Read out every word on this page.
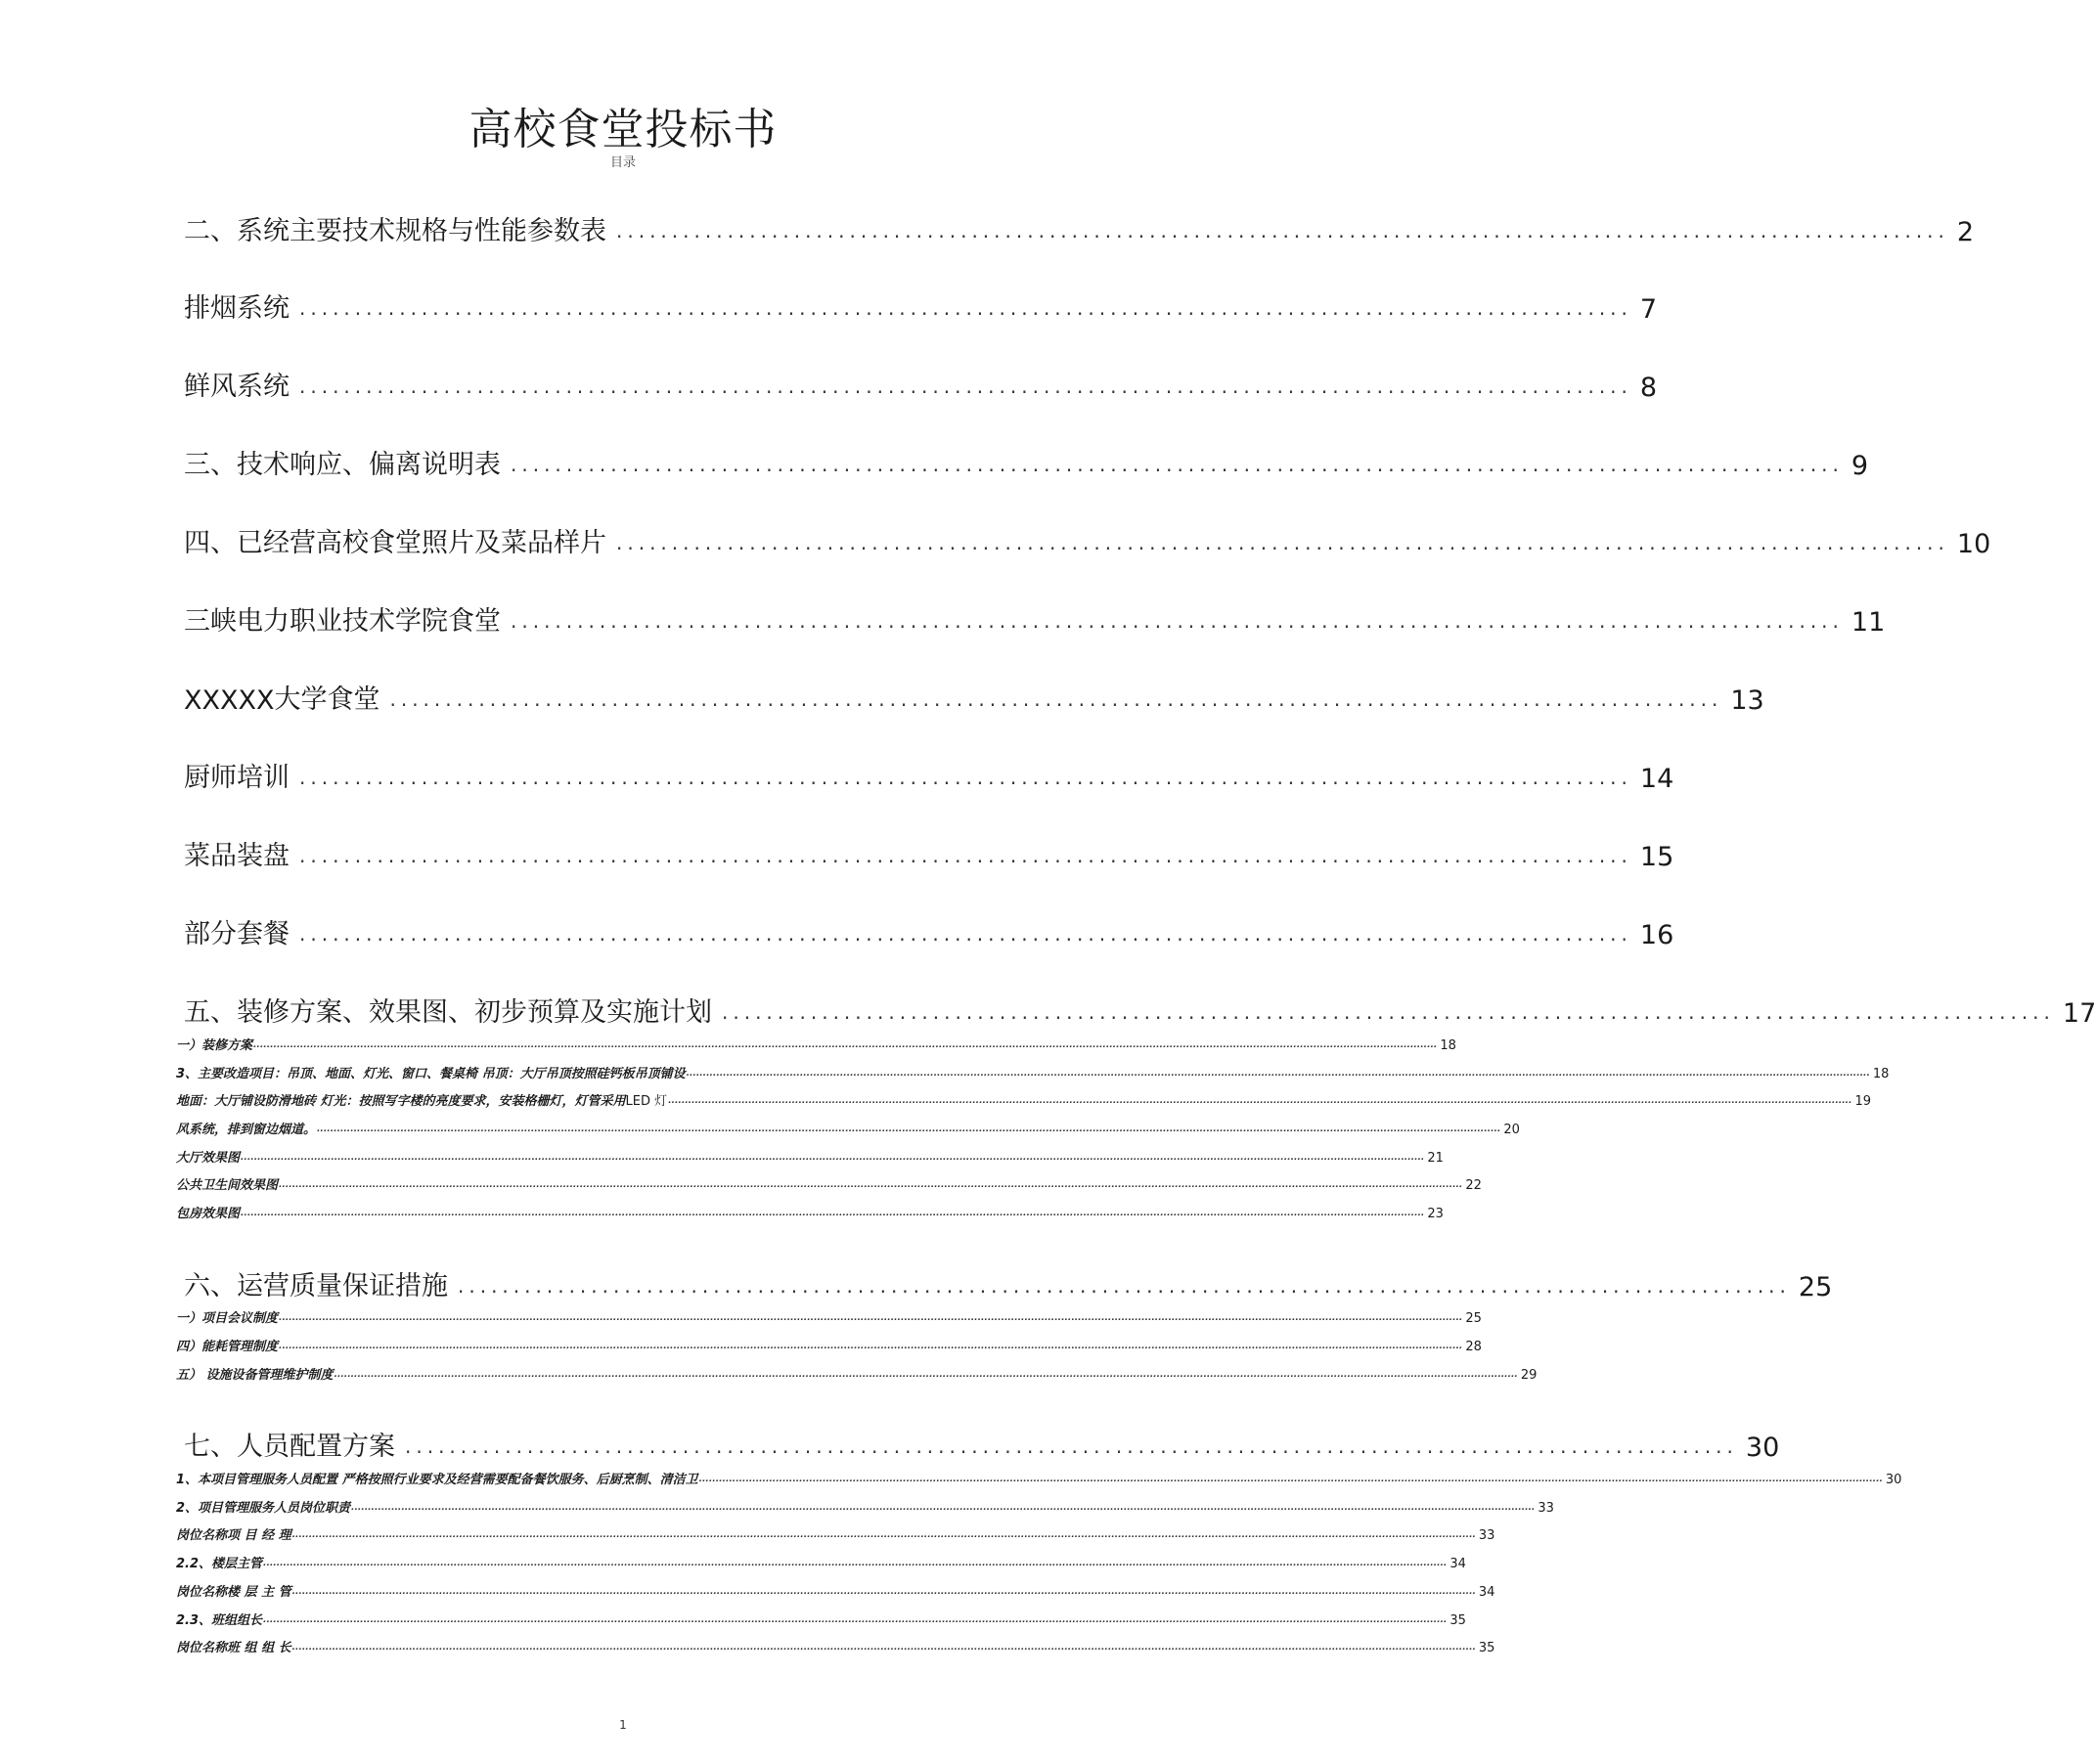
高校食堂投标书
目录
二、系统主要技术规格与性能参数表 ........................................................................................................................ 2
排烟系统 ........................................................................................................................ 7
鲜风系统 ........................................................................................................................ 8
三、技术响应、偏离说明表 ........................................................................................................................ 9
四、已经营高校食堂照片及菜品样片 ........................................................................................................................ 10
三峡电力职业技术学院食堂 ........................................................................................................................ 11
XXXXX 大学食堂 ........................................................................................................................ 13
厨师培训 ........................................................................................................................ 14
菜品装盘 ........................................................................................................................ 15
部分套餐 ........................................................................................................................ 16
五、装修方案、效果图、初步预算及实施计划 ........................................................................................................................ 17
一）装修方案 .................................................................................................................................................................................................................................................................................................................................................................. 18
3、主要改造项目：吊顶、地面、灯光、窗口、餐桌椅 吊顶：大厅吊顶按照硅钙板吊顶铺设 .................................................................................................................................................................................................................................................................................................................................................................. 18
地面：大厅铺设防滑地砖 灯光：按照写字楼的亮度要求，安装格栅灯，灯管采用 LED 灯 .................................................................................................................................................................................................................................................................................................................................................................. 19
风系统，排到窗边烟道。 .................................................................................................................................................................................................................................................................................................................................................................. 20
大厅效果图 .................................................................................................................................................................................................................................................................................................................................................................. 21
公共卫生间效果图 .................................................................................................................................................................................................................................................................................................................................................................. 22
包房效果图 .................................................................................................................................................................................................................................................................................................................................................................. 23
六、运营质量保证措施 ........................................................................................................................ 25
一） 项目会议制度 .................................................................................................................................................................................................................................................................................................................................................................. 25
四） 能耗管理制度 .................................................................................................................................................................................................................................................................................................................................................................. 28
五） 设施设备管理维护制度 .................................................................................................................................................................................................................................................................................................................................................................. 29
七、人员配置方案 ........................................................................................................................ 30
1、本项目管理服务人员配置 严格按照行业要求及经营需要配备餐饮服务、 后厨烹制、清洁卫 .................................................................................................................................................................................................................................................................................................................................................................. 30
2、项目管理服务人员岗位职责 .................................................................................................................................................................................................................................................................................................................................................................. 33
岗位名称 项 目 经 理 .................................................................................................................................................................................................................................................................................................................................................................. 33
2.2、楼层主管 .................................................................................................................................................................................................................................................................................................................................................................. 34
岗位名称 楼 层 主 管 .................................................................................................................................................................................................................................................................................................................................................................. 34
2.3、班组组长 .................................................................................................................................................................................................................................................................................................................................................................. 35
岗位名称 班 组 组 长 .................................................................................................................................................................................................................................................................................................................................................................. 35
1
